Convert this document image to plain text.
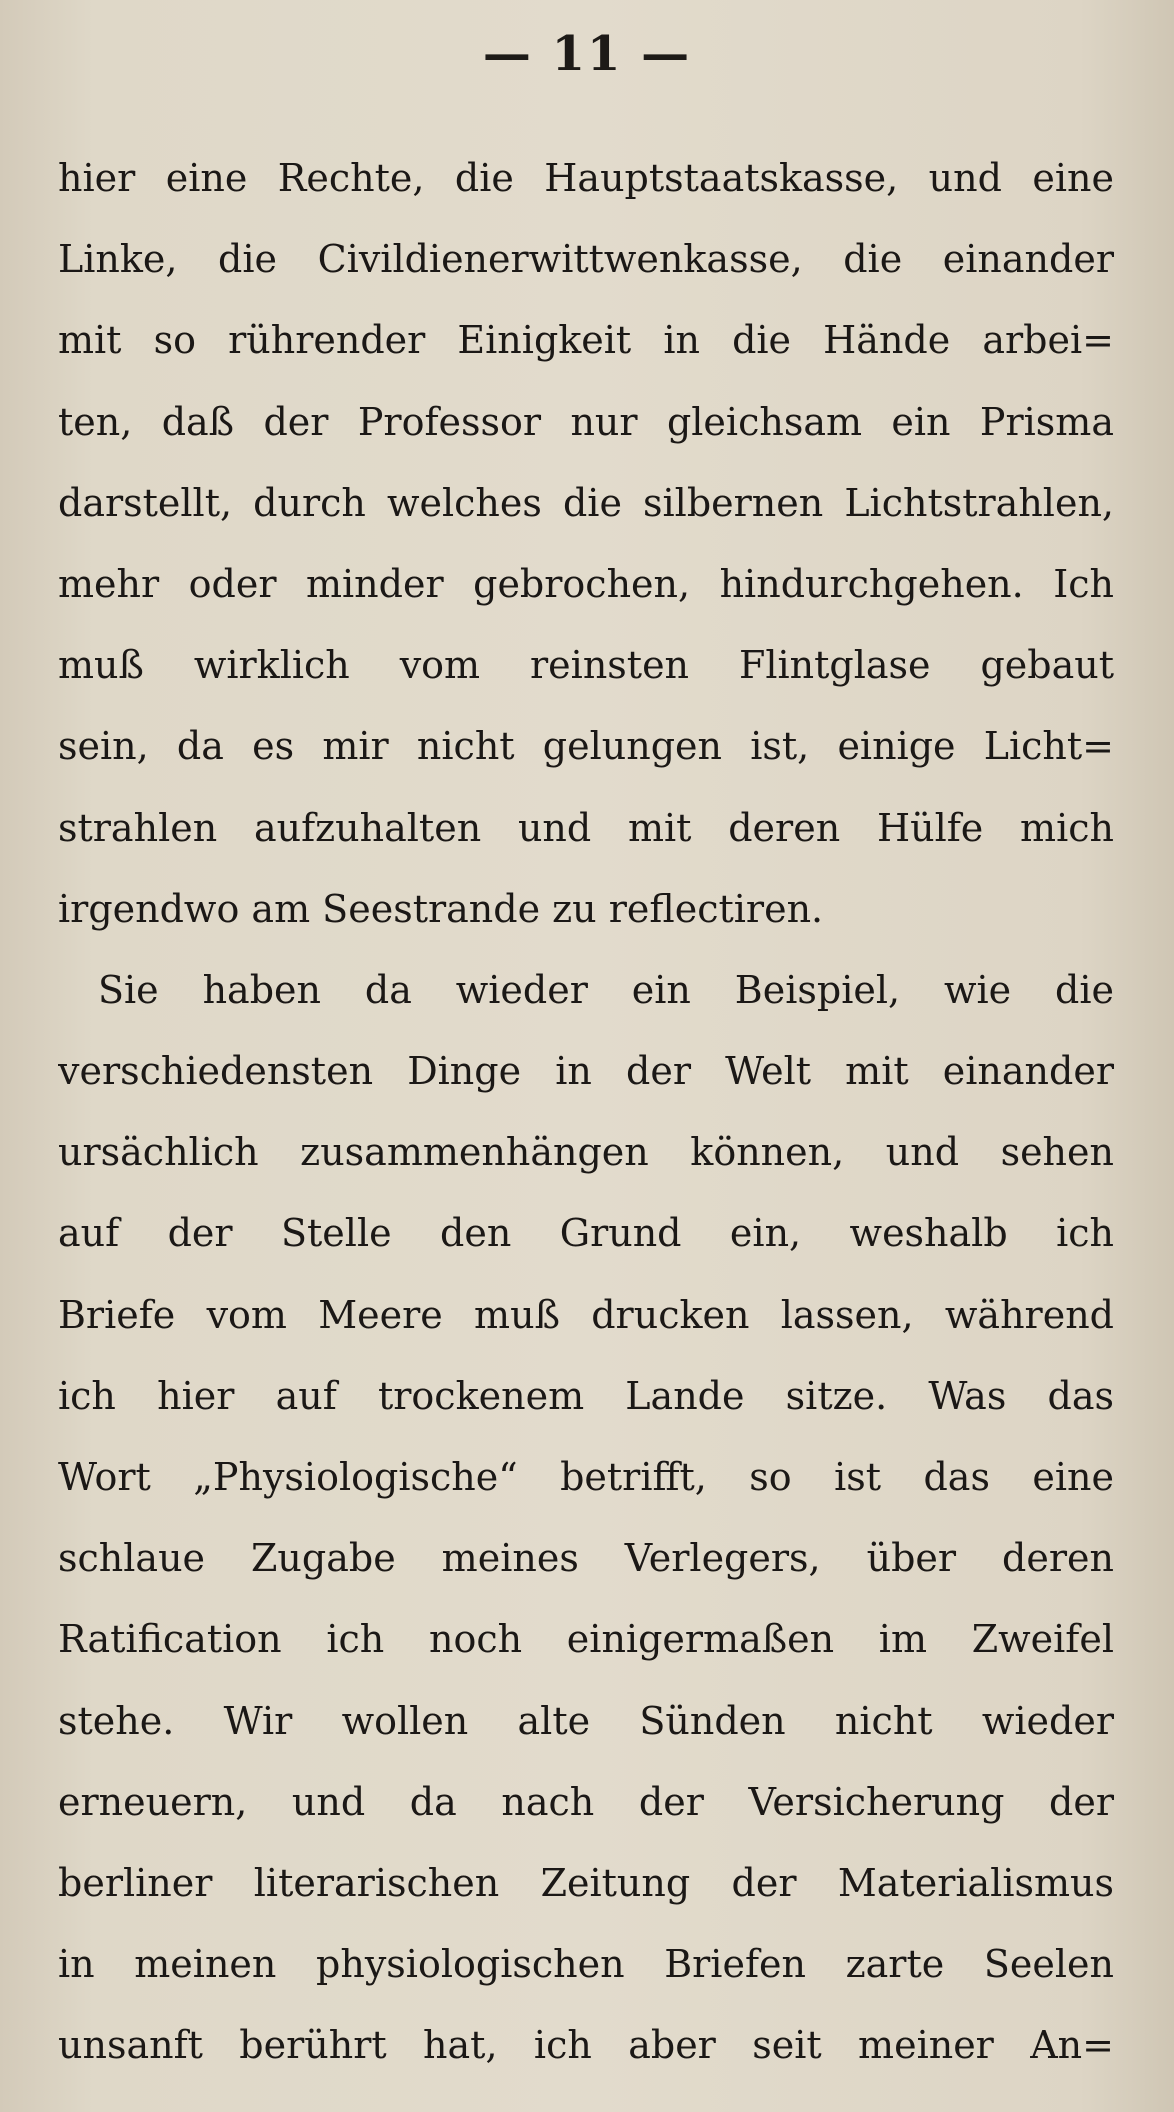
— 11 —
hier eine Rechte, die Hauptstaatskasse, und eine
Linke, die Civildienerwittwenkasse, die einander
mit so rührender Einigkeit in die Hände arbei=
ten, daß der Professor nur gleichsam ein Prisma
darstellt, durch welches die silbernen Lichtstrahlen,
mehr oder minder gebrochen, hindurchgehen. Ich
muß wirklich vom reinsten Flintglase gebaut
sein, da es mir nicht gelungen ist, einige Licht=
strahlen aufzuhalten und mit deren Hülfe mich
irgendwo am Seestrande zu reflectiren.
Sie haben da wieder ein Beispiel, wie die
verschiedensten Dinge in der Welt mit einander
ursächlich zusammenhängen können, und sehen
auf der Stelle den Grund ein, weshalb ich
Briefe vom Meere muß drucken lassen, während
ich hier auf trockenem Lande sitze. Was das
Wort „Physiologische“ betrifft, so ist das eine
schlaue Zugabe meines Verlegers, über deren
Ratification ich noch einigermaßen im Zweifel
stehe. Wir wollen alte Sünden nicht wieder
erneuern, und da nach der Versicherung der
berliner literarischen Zeitung der Materialismus
in meinen physiologischen Briefen zarte Seelen
unsanft berührt hat, ich aber seit meiner An=
